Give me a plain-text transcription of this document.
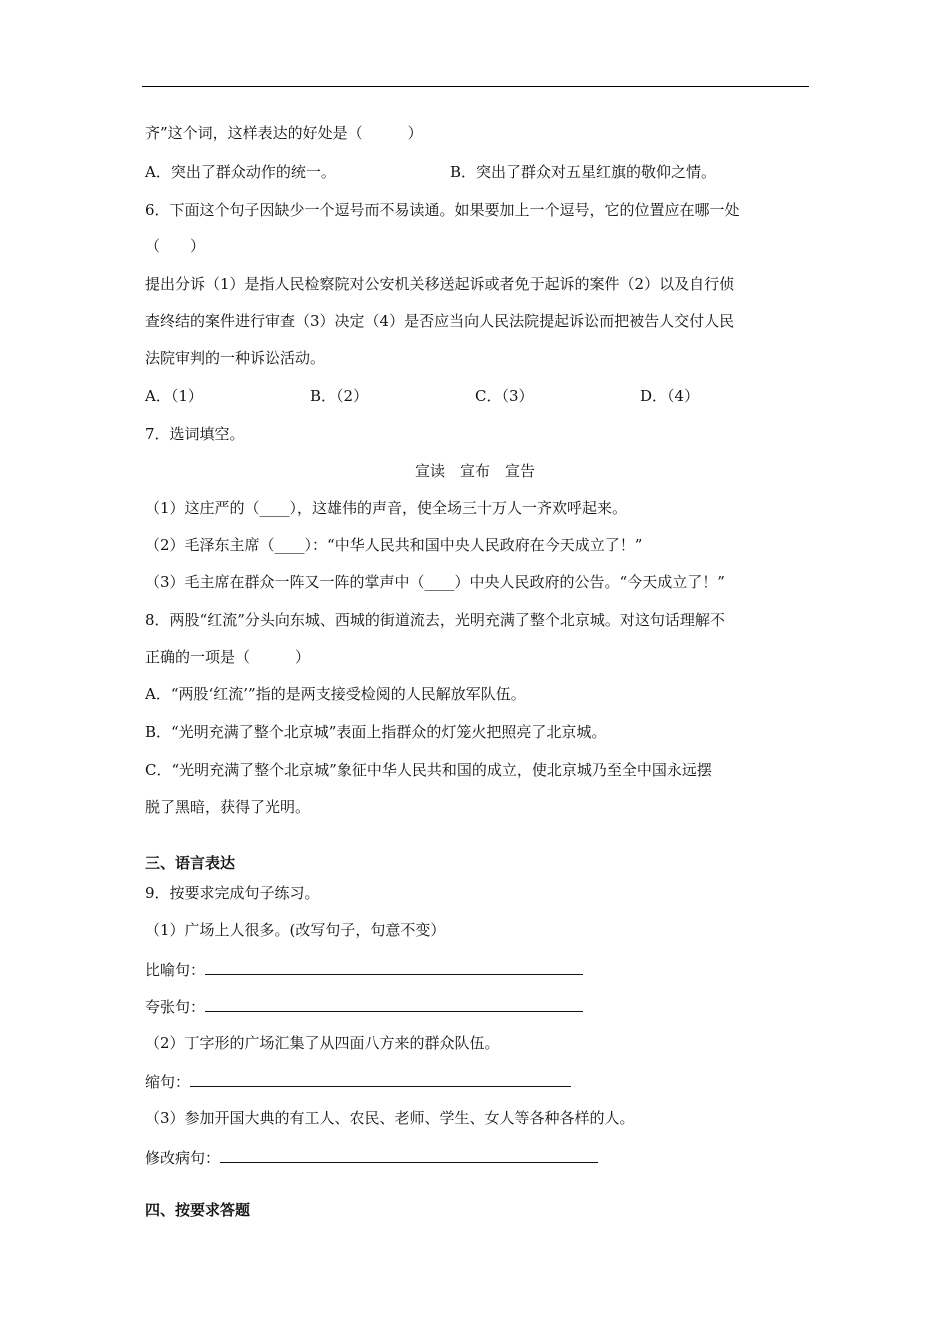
齐”这个词，这样表达的好处是（　　　）
A．突出了群众动作的统一。	B．突出了群众对五星红旗的敬仰之情。
6．下面这个句子因缺少一个逗号而不易读通。如果要加上一个逗号，它的位置应在哪一处
（　　）
提出分诉（1）是指人民检察院对公安机关移送起诉或者免于起诉的案件（2）以及自行侦
查终结的案件进行审查（3）决定（4）是否应当向人民法院提起诉讼而把被告人交付人民
法院审判的一种诉讼活动。
A．（1）	B．（2）	C．（3）	D．（4）
7．选词填空。
宣读　宣布　宣告
（1）这庄严的（____），这雄伟的声音，使全场三十万人一齐欢呼起来。
（2）毛泽东主席（____）：“中华人民共和国中央人民政府在今天成立了！”
（3）毛主席在群众一阵又一阵的掌声中（____）中央人民政府的公告。“今天成立了！”
8．两股“红流”分头向东城、西城的街道流去，光明充满了整个北京城。对这句话理解不
正确的一项是（　　　）
A．“两股‘红流’”指的是两支接受检阅的人民解放军队伍。
B．“光明充满了整个北京城”表面上指群众的灯笼火把照亮了北京城。
C．“光明充满了整个北京城”象征中华人民共和国的成立，使北京城乃至全中国永远摆
脱了黑暗，获得了光明。
三、语言表达
9．按要求完成句子练习。
（1）广场上人很多。(改写句子，句意不变）
比喻句：
夸张句：
（2）丁字形的广场汇集了从四面八方来的群众队伍。
缩句：
（3）参加开国大典的有工人、农民、老师、学生、女人等各种各样的人。
修改病句：
四、按要求答题
